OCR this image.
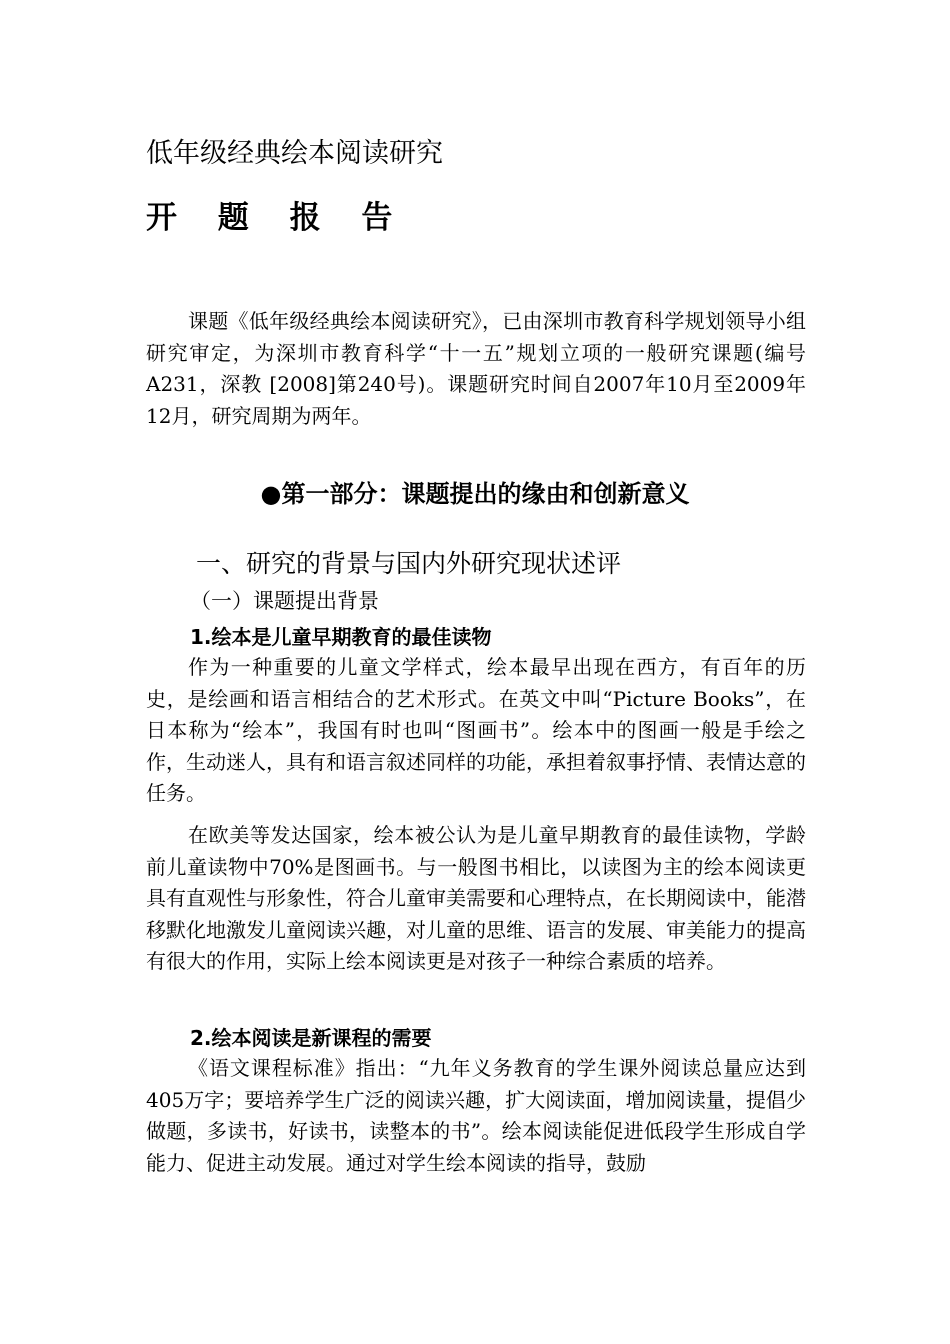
低年级经典绘本阅读研究
开 题 报 告

课题《低年级经典绘本阅读研究》，已由深圳市教育科学规划领导小组研究审定，为深圳市教育科学“十一五”规划立项的一般研究课题(编号A231，深教 [2008]第240号)。课题研究时间自2007年10月至2009年12月，研究周期为两年。

●第一部分：课题提出的缘由和创新意义
一、研究的背景与国内外研究现状述评
（一）课题提出背景
1.绘本是儿童早期教育的最佳读物

作为一种重要的儿童文学样式，绘本最早出现在西方，有百年的历史，是绘画和语言相结合的艺术形式。在英文中叫“Picture Books”，在日本称为“绘本”，我国有时也叫“图画书”。绘本中的图画一般是手绘之作，生动迷人，具有和语言叙述同样的功能，承担着叙事抒情、表情达意的任务。

在欧美等发达国家，绘本被公认为是儿童早期教育的最佳读物，学龄前儿童读物中70%是图画书。与一般图书相比，以读图为主的绘本阅读更具有直观性与形象性，符合儿童审美需要和心理特点，在长期阅读中，能潜移默化地激发儿童阅读兴趣，对儿童的思维、语言的发展、审美能力的提高有很大的作用，实际上绘本阅读更是对孩子一种综合素质的培养。

2.绘本阅读是新课程的需要

《语文课程标准》指出：“九年义务教育的学生课外阅读总量应达到405万字；要培养学生广泛的阅读兴趣，扩大阅读面，增加阅读量，提倡少做题，多读书，好读书，读整本的书”。绘本阅读能促进低段学生形成自学能力、促进主动发展。通过对学生绘本阅读的指导，鼓励
